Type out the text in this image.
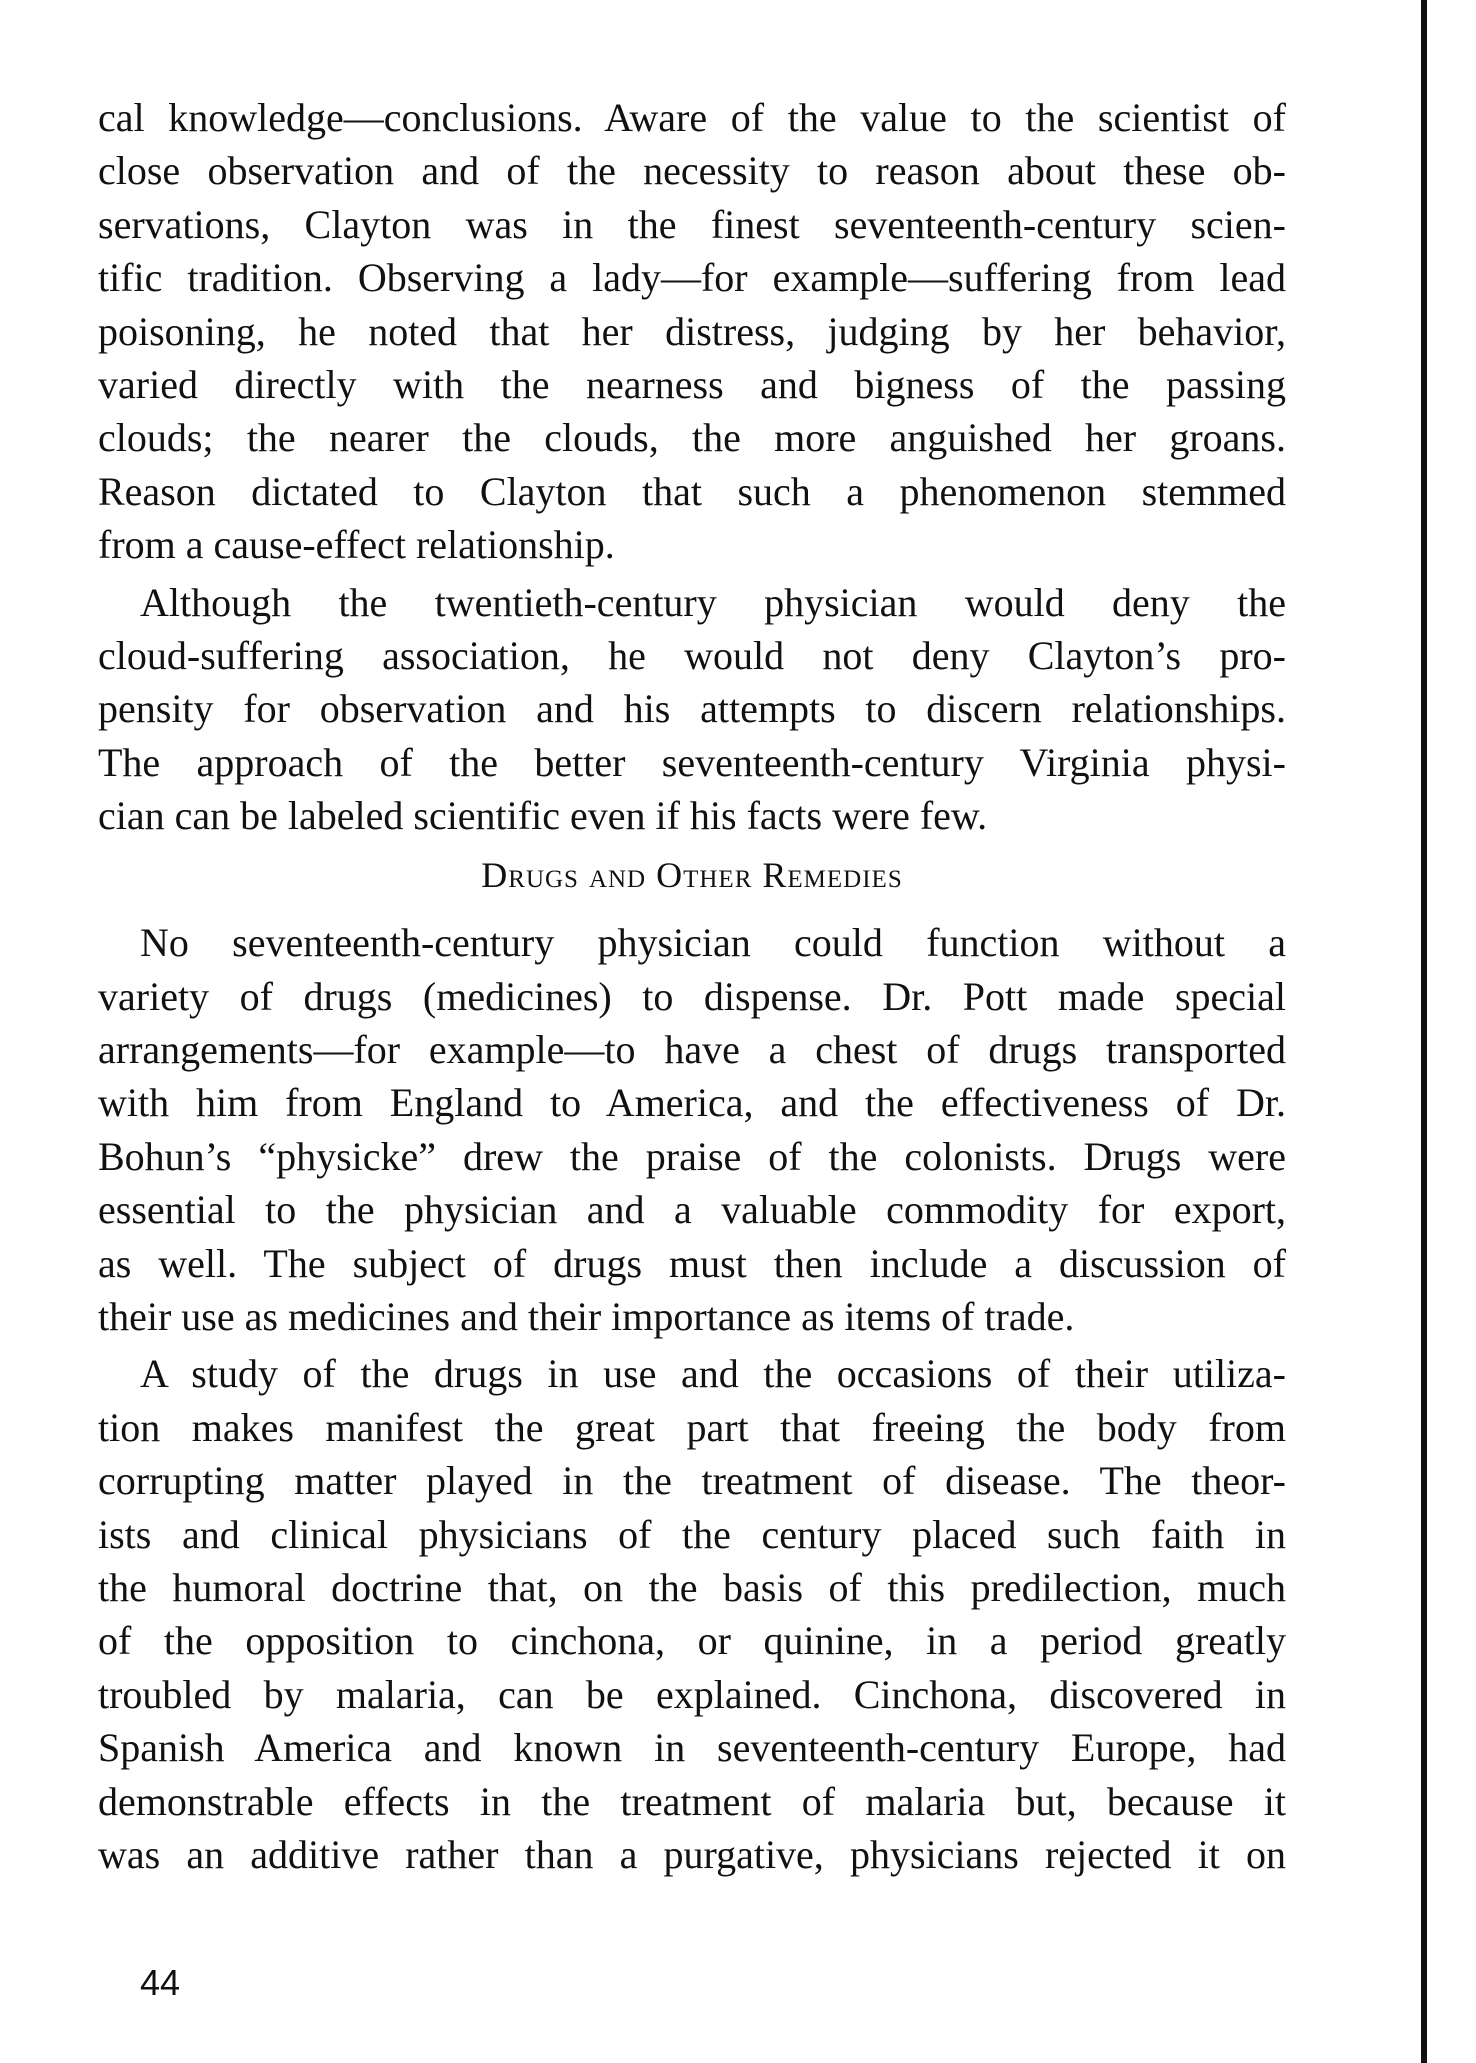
cal knowledge—conclusions. Aware of the value to the scientist of
close observation and of the necessity to reason about these ob-
servations, Clayton was in the finest seventeenth-century scien-
tific tradition. Observing a lady—for example—suffering from lead
poisoning, he noted that her distress, judging by her behavior,
varied directly with the nearness and bigness of the passing
clouds; the nearer the clouds, the more anguished her groans.
Reason dictated to Clayton that such a phenomenon stemmed
from a cause-effect relationship.
Although the twentieth-century physician would deny the
cloud-suffering association, he would not deny Clayton’s pro-
pensity for observation and his attempts to discern relationships.
The approach of the better seventeenth-century Virginia physi-
cian can be labeled scientific even if his facts were few.
Drugs and Other Remedies
No seventeenth-century physician could function without a
variety of drugs (medicines) to dispense. Dr. Pott made special
arrangements—for example—to have a chest of drugs transported
with him from England to America, and the effectiveness of Dr.
Bohun’s “physicke” drew the praise of the colonists. Drugs were
essential to the physician and a valuable commodity for export,
as well. The subject of drugs must then include a discussion of
their use as medicines and their importance as items of trade.
A study of the drugs in use and the occasions of their utiliza-
tion makes manifest the great part that freeing the body from
corrupting matter played in the treatment of disease. The theor-
ists and clinical physicians of the century placed such faith in
the humoral doctrine that, on the basis of this predilection, much
of the opposition to cinchona, or quinine, in a period greatly
troubled by malaria, can be explained. Cinchona, discovered in
Spanish America and known in seventeenth-century Europe, had
demonstrable effects in the treatment of malaria but, because it
was an additive rather than a purgative, physicians rejected it on
44
